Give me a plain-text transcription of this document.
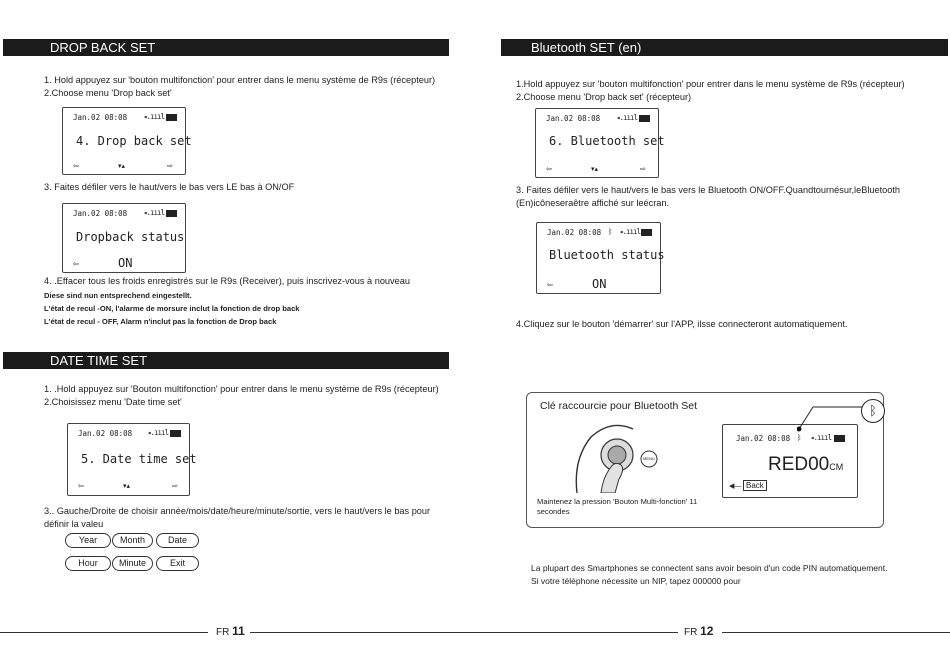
DROP BACK SET
1. Hold appuyez sur 'bouton multifonction' pour entrer dans le menu système de R9s (récepteur)
2.Choose menu 'Drop back set'
Jan.02 08:08 ◂.ıııl
4. Drop back set
⇦	▾▴	⇨
3. Faites défiler vers le haut/vers le bas vers LE bas à ON/OF
Jan.02 08:08 ◂.ıııl
Dropback status
⇦	ON
4. .Effacer tous les froids enregistrés sur le R9s (Receiver), puis inscrivez-vous à nouveau
Diese sind nun entsprechend eingestellt.
L'état de recul -ON, l'alarme de morsure inclut la fonction de drop back
L'état de recul - OFF, Alarm n'inclut pas la fonction de Drop back
DATE TIME SET
1. .Hold appuyez sur 'Bouton multifonction' pour entrer dans le menu système de R9s (récepteur)
2.Choisissez menu 'Date time set'
Jan.02 08:08 ◂.ıııl
5. Date time set
⇦	▾▴	⇨
3.. Gauche/Droite de choisir année/mois/date/heure/minute/sortie, vers le haut/vers le bas pour définir la valeu
Year	Month	Date
Hour	Minute	Exit
FR 11
Bluetooth SET (en)
1.Hold appuyez sur 'bouton multifonction' pour entrer dans le menu système de R9s (récepteur)
2.Choose menu 'Drop back set' (récepteur)
Jan.02 08:08 ◂.ıııl
6. Bluetooth set
⇦	▾▴	⇨
3. Faites défiler vers le haut/vers le bas vers le Bluetooth ON/OFF.Quandtournésur,leBluetooth (En)icôneseraêtre affiché sur leécran.
Jan.02 08:08 ᛒ ◂.ıııl
Bluetooth status
⇦	ON
4.Cliquez sur le bouton 'démarrer' sur l'APP, ilsse connecteront automatiquement.
Clé raccourcie pour Bluetooth Set
MENU
Maintenez la pression 'Bouton Multi-fonction' 11 secondes
Jan.02 08:08 ᛒ ◂.ıııl
RED00CM
◀— Back
ᛒ
La plupart des Smartphones se connectent sans avoir besoin d'un code PIN automatiquement.
Si votre téléphone nécessite un NIP, tapez 000000 pour
FR 12
